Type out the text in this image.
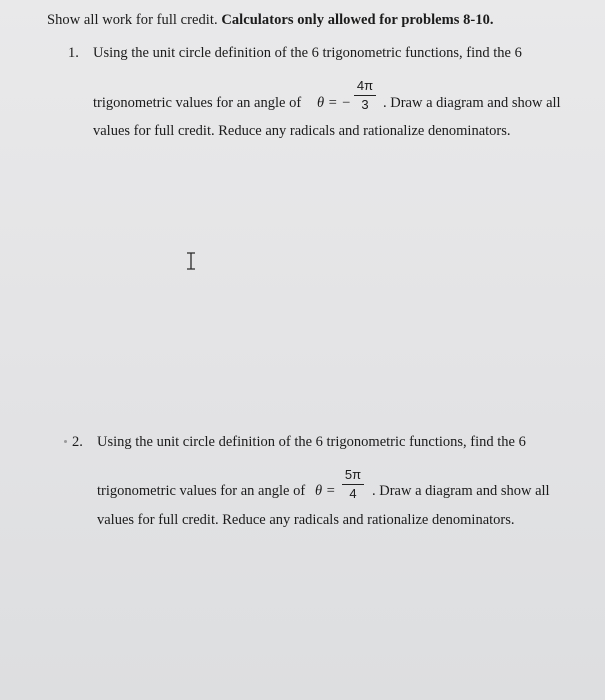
Show all work for full credit. Calculators only allowed for problems 8-10.
1. Using the unit circle definition of the 6 trigonometric functions, find the 6
trigonometric values for an angle of θ = −
4π
3 . Draw a diagram and show all
values for full credit. Reduce any radicals and rationalize denominators.
2. Using the unit circle definition of the 6 trigonometric functions, find the 6
trigonometric values for an angle of θ =
5π
4	. Draw a diagram and show all
values for full credit. Reduce any radicals and rationalize denominators.
